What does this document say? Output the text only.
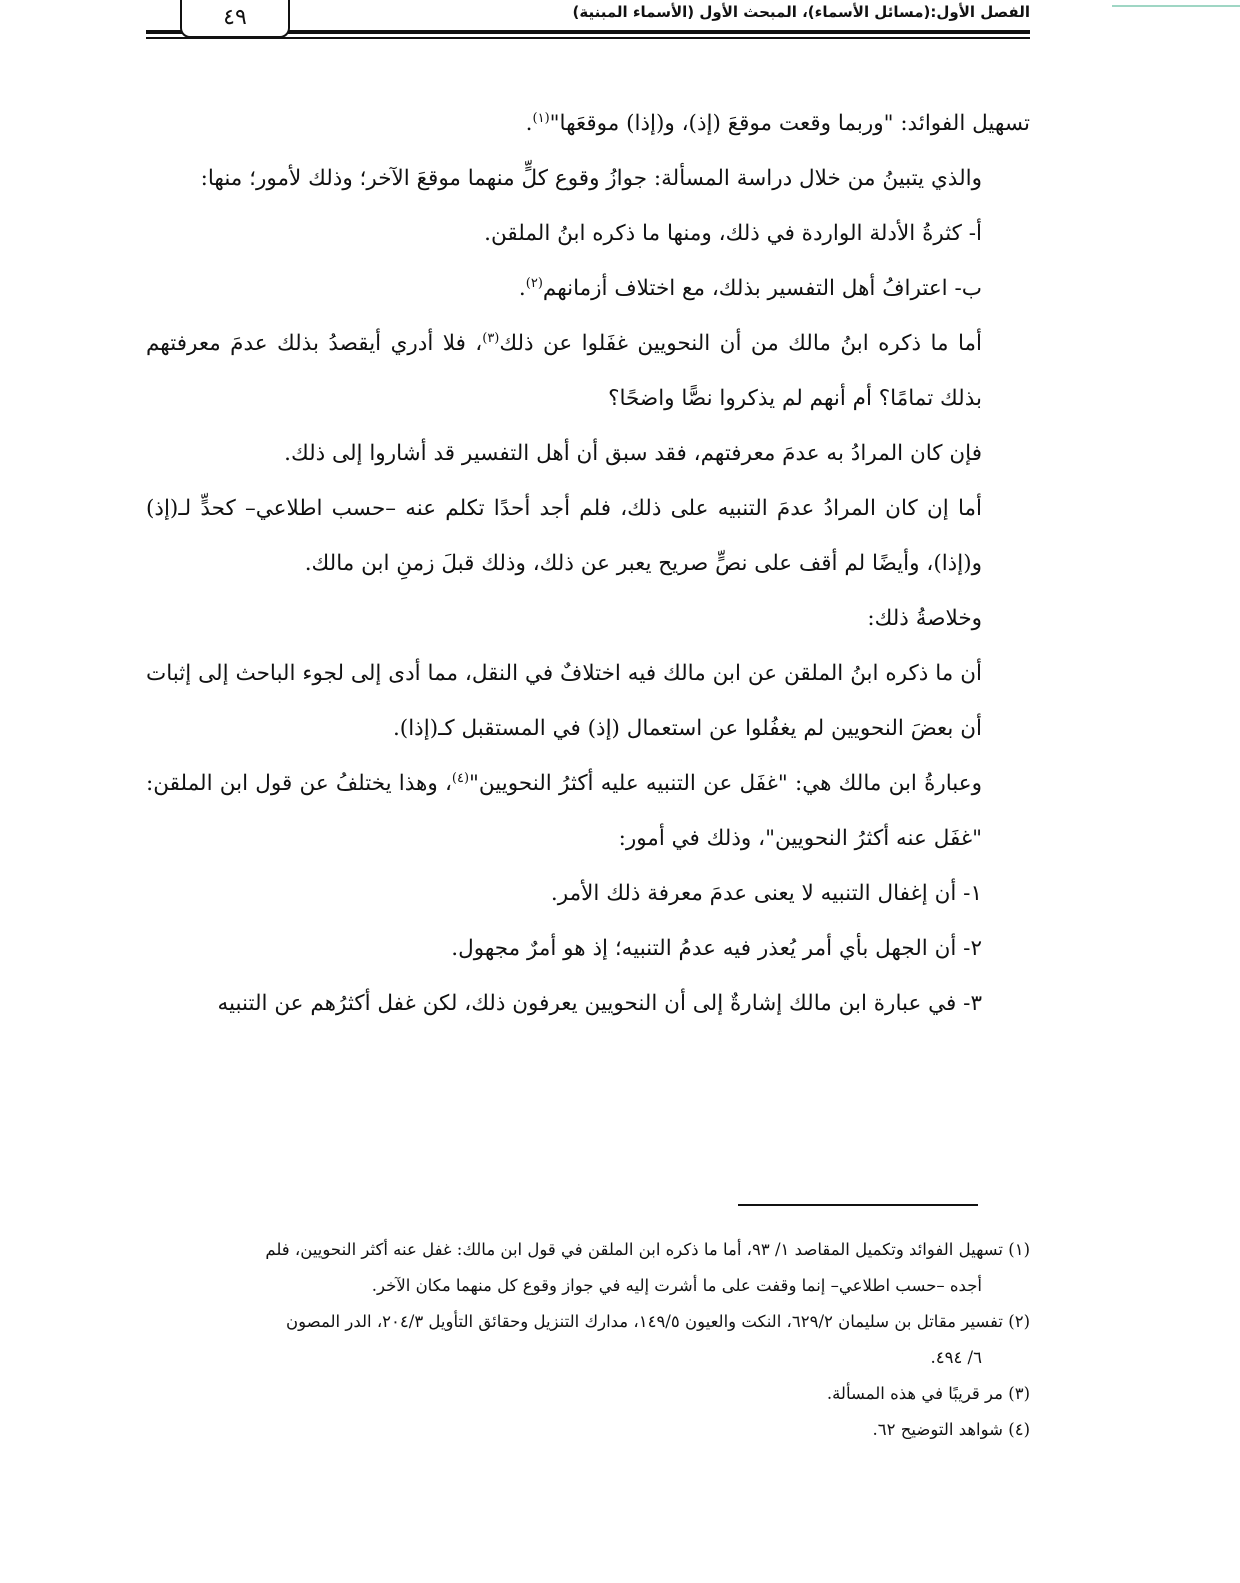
٤٩	الفصل الأول:(مسائل الأسماء)، المبحث الأول (الأسماء المبنية)

تسهيل الفوائد: "وربما وقعت موقعَ (إذ)، و(إذا) موقعَها"$^{(١)}$.

والذي يتبينُ من خلال دراسة المسألة: جوازُ وقوع كلٍّ منهما موقعَ الآخر؛ وذلك لأمور؛ منها:

أ- كثرةُ الأدلة الواردة في ذلك، ومنها ما ذكره ابنُ الملقن.

ب- اعترافُ أهل التفسير بذلك، مع اختلاف أزمانهم$^{(٢)}$.

أما ما ذكره ابنُ مالك من أن النحويين غفَلوا عن ذلك$^{(٣)}$، فلا أدري أيقصدُ بذلك عدمَ معرفتهم بذلك تمامًا؟ أم أنهم لم يذكروا نصًّا واضحًا؟

فإن كان المرادُ به عدمَ معرفتهم، فقد سبق أن أهل التفسير قد أشاروا إلى ذلك.

أما إن كان المرادُ عدمَ التنبيه على ذلك، فلم أجد أحدًا تكلم عنه –حسب اطلاعي– كحدٍّ لـ(إذ) و(إذا)، وأيضًا لم أقف على نصٍّ صريح يعبر عن ذلك، وذلك قبلَ زمنِ ابن مالك.

وخلاصةُ ذلك:

أن ما ذكره ابنُ الملقن عن ابن مالك فيه اختلافٌ في النقل، مما أدى إلى لجوء الباحث إلى إثبات أن بعضَ النحويين لم يغفُلوا عن استعمال (إذ) في المستقبل كـ(إذا).

وعبارةُ ابن مالك هي: "غفَل عن التنبيه عليه أكثرُ النحويين"$^{(٤)}$، وهذا يختلفُ عن قول ابن الملقن: "غفَل عنه أكثرُ النحويين"، وذلك في أمور:

١- أن إغفال التنبيه لا يعنى عدمَ معرفة ذلك الأمر.

٢- أن الجهل بأي أمر يُعذر فيه عدمُ التنبيه؛ إذ هو أمرٌ مجهول.

٣- في عبارة ابن مالك إشارةٌ إلى أن النحويين يعرفون ذلك، لكن غفل أكثرُهم عن التنبيه

(١) تسهيل الفوائد وتكميل المقاصد ١/ ٩٣، أما ما ذكره ابن الملقن في قول ابن مالك: غفل عنه أكثر النحويين، فلم

أجده –حسب اطلاعي– إنما وقفت على ما أشرت إليه في جواز وقوع كل منهما مكان الآخر.

(٢) تفسير مقاتل بن سليمان ٦٢٩/٢، النكت والعيون ١٤٩/٥، مدارك التنزيل وحقائق التأويل ٢٠٤/٣، الدر المصون

٦/ ٤٩٤.

(٣) مر قريبًا في هذه المسألة.

(٤) شواهد التوضيح ٦٢.
